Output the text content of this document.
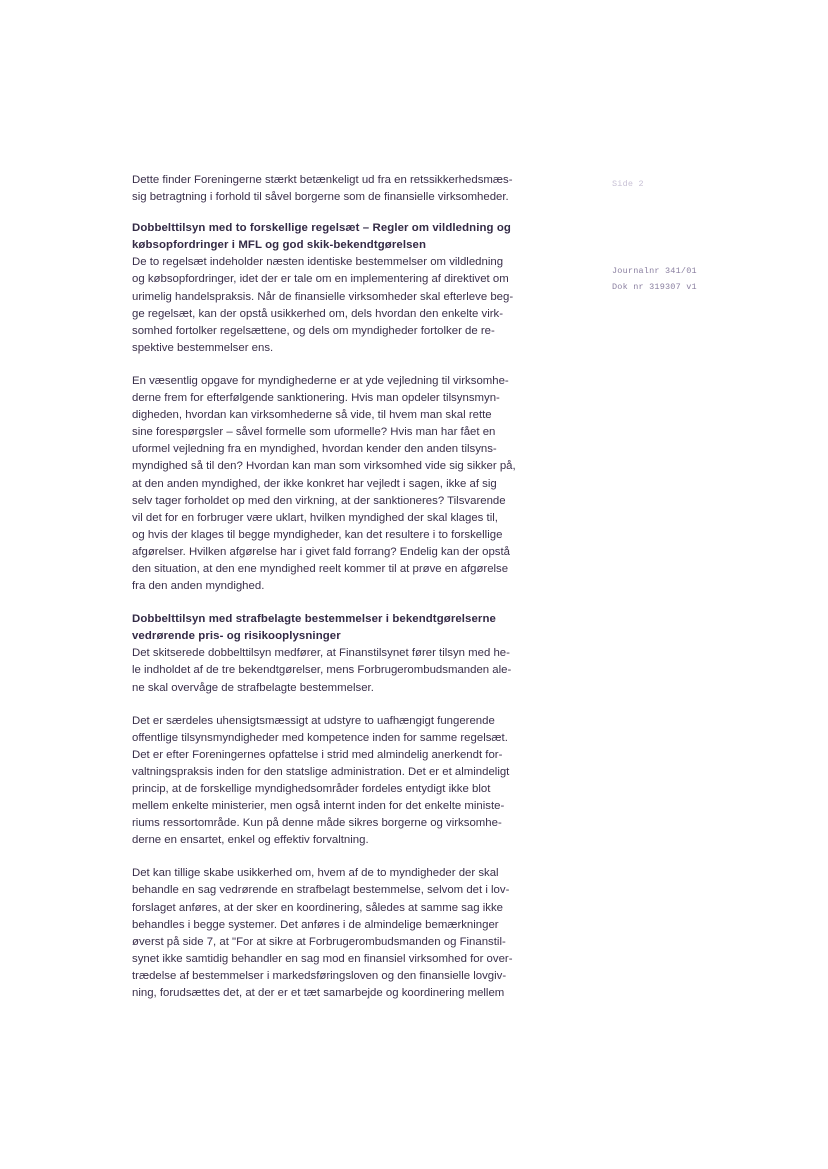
Side 2
Journalnr 341/01
Dok nr 319307 v1

Dette finder Foreningerne stærkt betænkeligt ud fra en retssikkerhedsmæs-
sig betragtning i forhold til såvel borgerne som de finansielle virksomheder.

Dobbelttilsyn med to forskellige regelsæt – Regler om vildledning og
købsopfordringer i MFL og god skik-bekendtgørelsen

De to regelsæt indeholder næsten identiske bestemmelser om vildledning
og købsopfordringer, idet der er tale om en implementering af direktivet om
urimelig handelspraksis. Når de finansielle virksomheder skal efterleve beg-
ge regelsæt, kan der opstå usikkerhed om, dels hvordan den enkelte virk-
somhed fortolker regelsættene, og dels om myndigheder fortolker de re-
spektive bestemmelser ens.

En væsentlig opgave for myndighederne er at yde vejledning til virksomhe-
derne frem for efterfølgende sanktionering. Hvis man opdeler tilsynsmyn-
digheden, hvordan kan virksomhederne så vide, til hvem man skal rette
sine forespørgsler – såvel formelle som uformelle? Hvis man har fået en
uformel vejledning fra en myndighed, hvordan kender den anden tilsyns-
myndighed så til den? Hvordan kan man som virksomhed vide sig sikker på,
at den anden myndighed, der ikke konkret har vejledt i sagen, ikke af sig
selv tager forholdet op med den virkning, at der sanktioneres? Tilsvarende
vil det for en forbruger være uklart, hvilken myndighed der skal klages til,
og hvis der klages til begge myndigheder, kan det resultere i to forskellige
afgørelser. Hvilken afgørelse har i givet fald forrang? Endelig kan der opstå
den situation, at den ene myndighed reelt kommer til at prøve en afgørelse
fra den anden myndighed.

Dobbelttilsyn med strafbelagte bestemmelser i bekendtgørelserne
vedrørende pris- og risikooplysninger

Det skitserede dobbelttilsyn medfører, at Finanstilsynet fører tilsyn med he-
le indholdet af de tre bekendtgørelser, mens Forbrugerombudsmanden ale-
ne skal overvåge de strafbelagte bestemmelser.

Det er særdeles uhensigtsmæssigt at udstyre to uafhængigt fungerende
offentlige tilsynsmyndigheder med kompetence inden for samme regelsæt.
Det er efter Foreningernes opfattelse i strid med almindelig anerkendt for-
valtningspraksis inden for den statslige administration. Det er et almindeligt
princip, at de forskellige myndighedsområder fordeles entydigt ikke blot
mellem enkelte ministerier, men også internt inden for det enkelte ministe-
riums ressortområde. Kun på denne måde sikres borgerne og virksomhe-
derne en ensartet, enkel og effektiv forvaltning.

Det kan tillige skabe usikkerhed om, hvem af de to myndigheder der skal
behandle en sag vedrørende en strafbelagt bestemmelse, selvom det i lov-
forslaget anføres, at der sker en koordinering, således at samme sag ikke
behandles i begge systemer. Det anføres i de almindelige bemærkninger
øverst på side 7, at "For at sikre at Forbrugerombudsmanden og Finanstil-
synet ikke samtidig behandler en sag mod en finansiel virksomhed for over-
trædelse af bestemmelser i markedsføringsloven og den finansielle lovgiv-
ning, forudsættes det, at der er et tæt samarbejde og koordinering mellem
